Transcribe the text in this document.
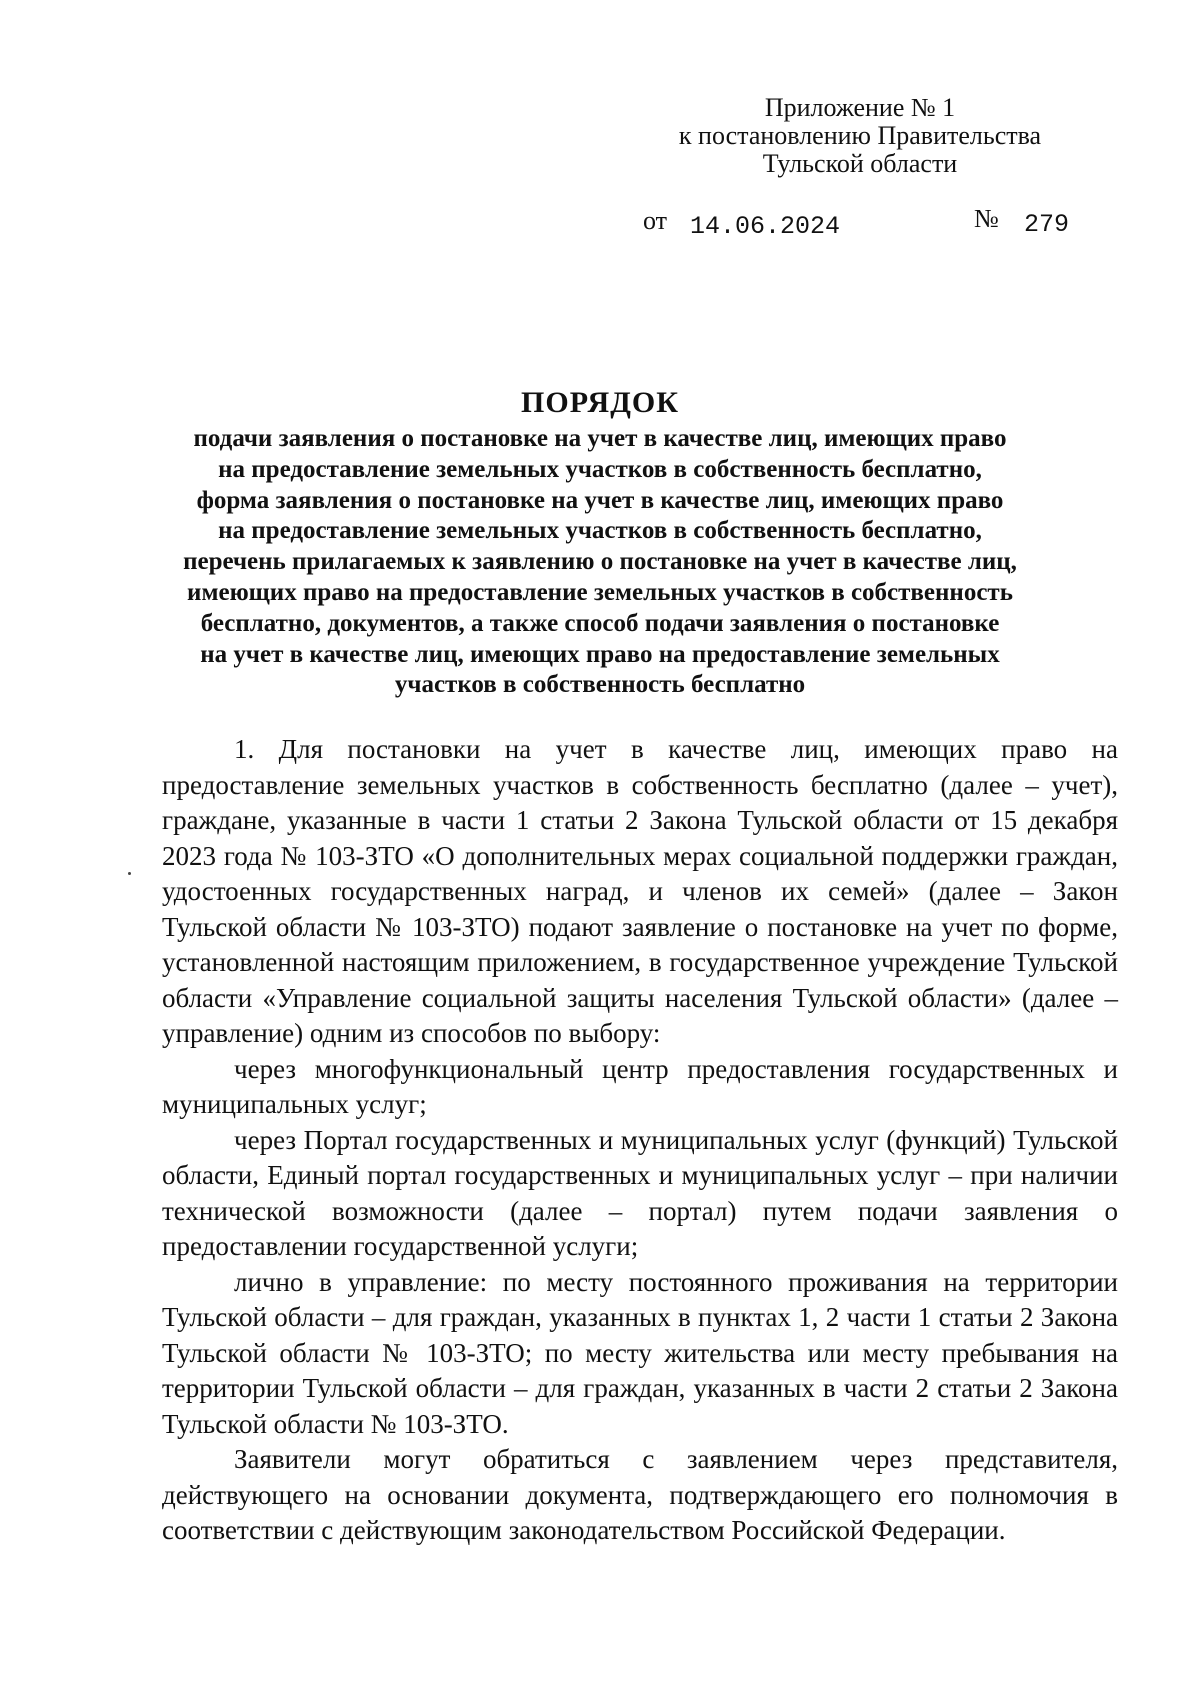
Приложение № 1
к постановлению Правительства
Тульской области
от 14.06.2024	№ 279
ПОРЯДОК
подачи заявления о постановке на учет в качестве лиц, имеющих право
на предоставление земельных участков в собственность бесплатно,
форма заявления о постановке на учет в качестве лиц, имеющих право
на предоставление земельных участков в собственность бесплатно,
перечень прилагаемых к заявлению о постановке на учет в качестве лиц,
имеющих право на предоставление земельных участков в собственность
бесплатно, документов, а также способ подачи заявления о постановке
на учет в качестве лиц, имеющих право на предоставление земельных
участков в собственность бесплатно

1. Для постановки на учет в качестве лиц, имеющих право на предоставление земельных участков в собственность бесплатно (далее – учет), граждане, указанные в части 1 статьи 2 Закона Тульской области от 15 декабря 2023 года № 103-ЗТО «О дополнительных мерах социальной поддержки граждан, удостоенных государственных наград, и членов их семей» (далее – Закон Тульской области № 103-ЗТО) подают заявление о постановке на учет по форме, установленной настоящим приложением, в государственное учреждение Тульской области «Управление социальной защиты населения Тульской области» (далее – управление) одним из способов по выбору:

через многофункциональный центр предоставления государственных и муниципальных услуг;

через Портал государственных и муниципальных услуг (функций) Тульской области, Единый портал государственных и муниципальных услуг – при наличии технической возможности (далее – портал) путем подачи заявления о предоставлении государственной услуги;

лично в управление: по месту постоянного проживания на территории Тульской области – для граждан, указанных в пунктах 1, 2 части 1 статьи 2 Закона Тульской области № 103-ЗТО; по месту жительства или месту пребывания на территории Тульской области – для граждан, указанных в части 2 статьи 2 Закона Тульской области № 103-ЗТО.

Заявители могут обратиться с заявлением через представителя, действующего на основании документа, подтверждающего его полномочия в соответствии с действующим законодательством Российской Федерации.
